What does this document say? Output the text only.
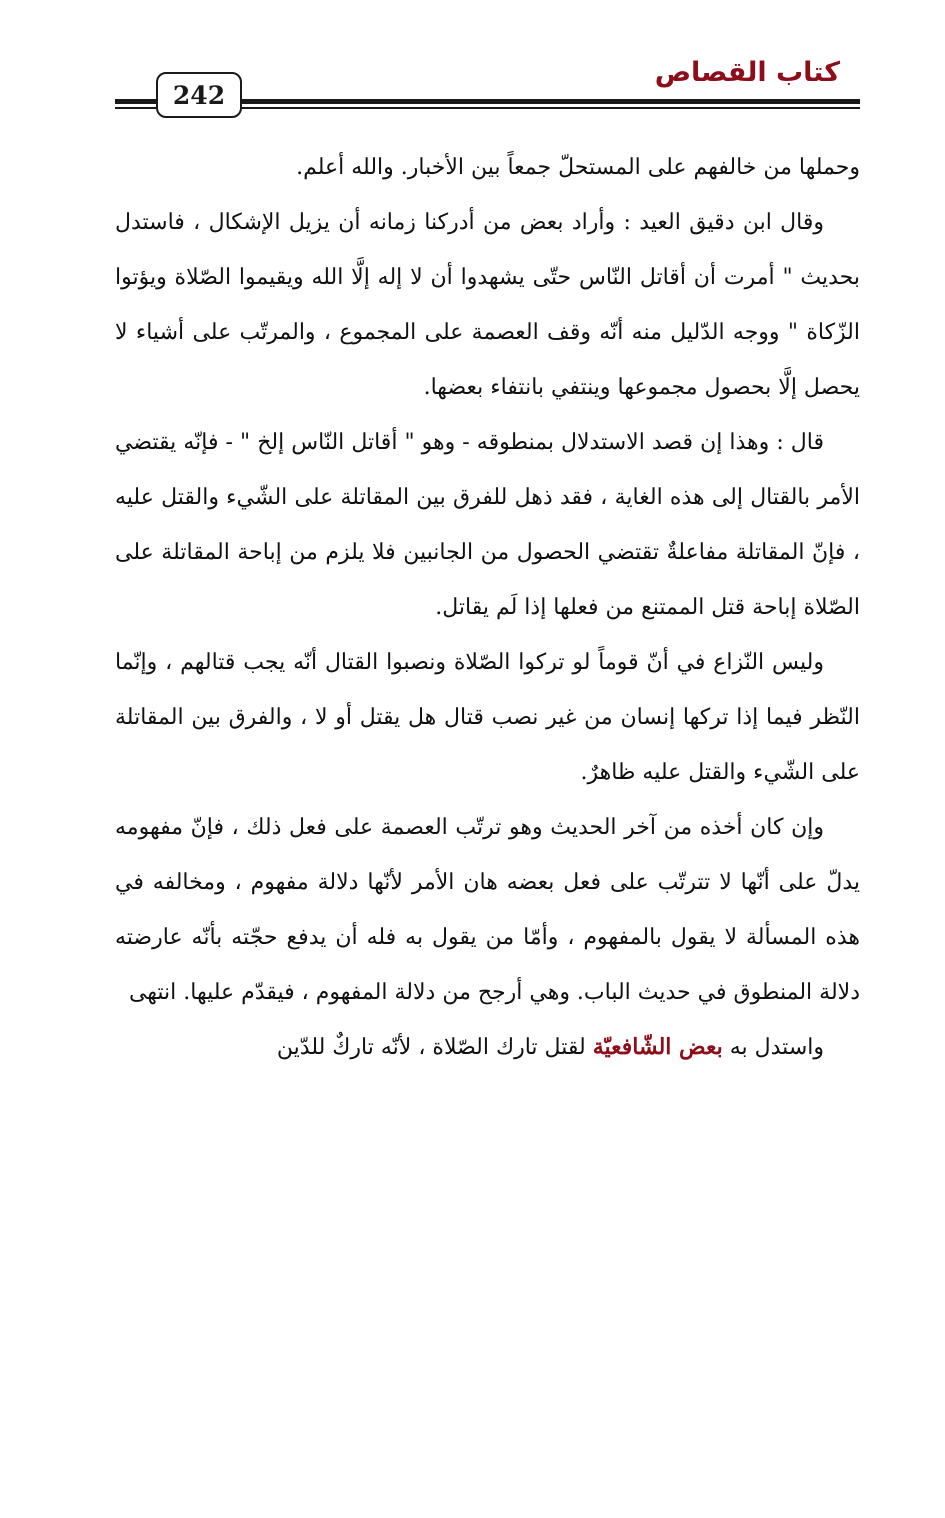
كتاب القصاص
242

وحملها من خالفهم على المستحلّ جمعاً بين الأخبار. والله أعلم.

وقال ابن دقيق العيد : وأراد بعض من أدركنا زمانه أن يزيل الإشكال ، فاستدل بحديث " أمرت أن أقاتل النّاس حتّى يشهدوا أن لا إله إلَّا الله ويقيموا الصّلاة ويؤتوا الزّكاة " ووجه الدّليل منه أنّه وقف العصمة على المجموع ، والمرتّب على أشياء لا يحصل إلَّا بحصول مجموعها وينتفي بانتفاء بعضها.

قال : وهذا إن قصد الاستدلال بمنطوقه - وهو " أقاتل النّاس إلخ " - فإنّه يقتضي الأمر بالقتال إلى هذه الغاية ، فقد ذهل للفرق بين المقاتلة على الشّيء والقتل عليه ، فإنّ المقاتلة مفاعلةٌ تقتضي الحصول من الجانبين فلا يلزم من إباحة المقاتلة على الصّلاة إباحة قتل الممتنع من فعلها إذا لَم يقاتل.

وليس النّزاع في أنّ قوماً لو تركوا الصّلاة ونصبوا القتال أنّه يجب قتالهم ، وإنّما النّظر فيما إذا تركها إنسان من غير نصب قتال هل يقتل أو لا ، والفرق بين المقاتلة على الشّيء والقتل عليه ظاهرٌ.

وإن كان أخذه من آخر الحديث وهو ترتّب العصمة على فعل ذلك ، فإنّ مفهومه يدلّ على أنّها لا تترتّب على فعل بعضه هان الأمر لأنّها دلالة مفهوم ، ومخالفه في هذه المسألة لا يقول بالمفهوم ، وأمّا من يقول به فله أن يدفع حجّته بأنّه عارضته دلالة المنطوق في حديث الباب. وهي أرجح من دلالة المفهوم ، فيقدّم عليها. انتهى

واستدل به بعض الشّافعيّة لقتل تارك الصّلاة ، لأنّه تاركٌ للدّين
